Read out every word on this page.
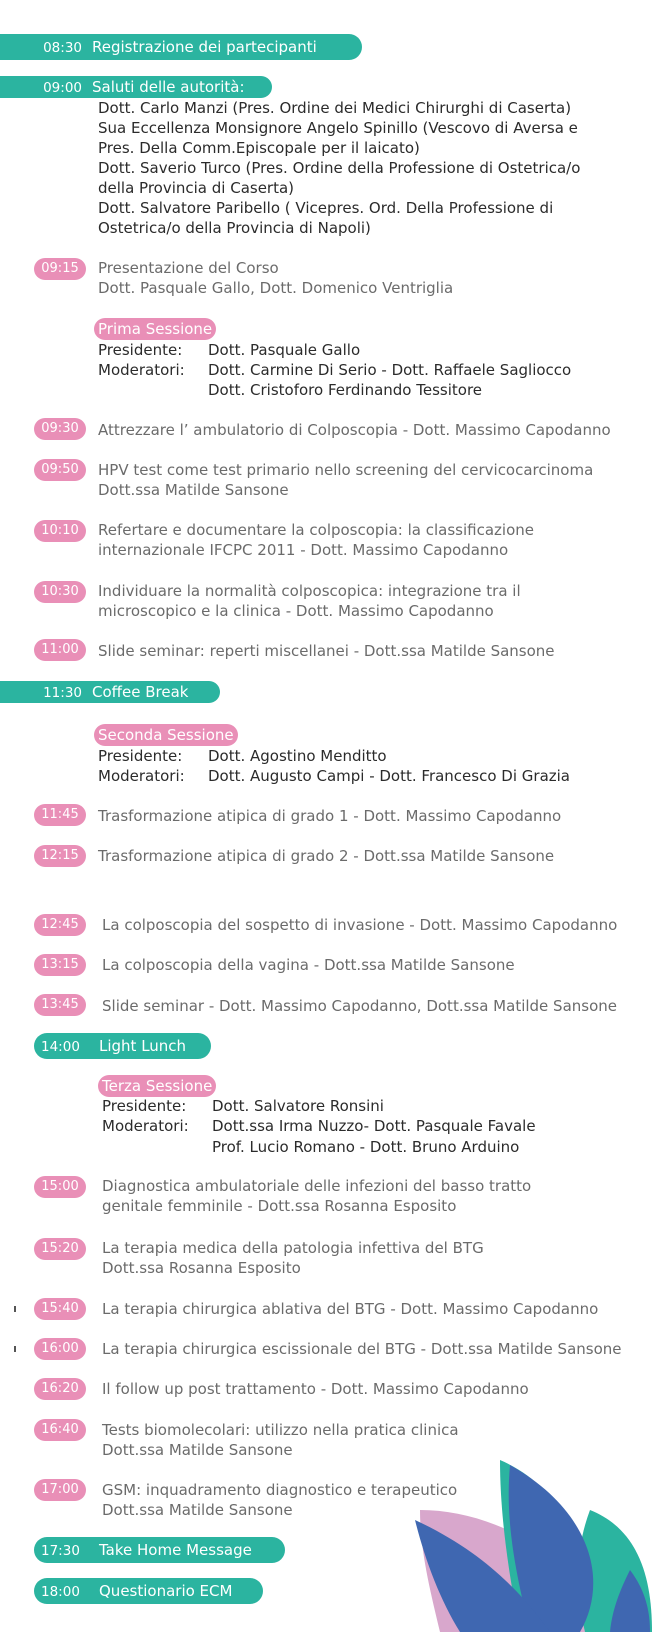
08:30 Registrazione dei partecipanti
09:00 Saluti delle autorità:
Dott. Carlo Manzi (Pres. Ordine dei Medici Chirurghi di Caserta)
Sua Eccellenza Monsignore Angelo Spinillo (Vescovo di Aversa e
Pres. Della Comm.Episcopale per il laicato)
Dott. Saverio Turco (Pres. Ordine della Professione di Ostetrica/o
della Provincia di Caserta)
Dott. Salvatore Paribello ( Vicepres. Ord. Della Professione di
Ostetrica/o della Provincia di Napoli)
09:15	Presentazione del Corso
Dott. Pasquale Gallo, Dott. Domenico Ventriglia
Prima Sessione
Presidente: Dott. Pasquale Gallo
Moderatori: Dott. Carmine Di Serio - Dott. Raffaele Sagliocco
Dott. Cristoforo Ferdinando Tessitore
09:30	Attrezzare l’ ambulatorio di Colposcopia - Dott. Massimo Capodanno
09:50	HPV test come test primario nello screening del cervicocarcinoma
Dott.ssa Matilde Sansone
10:10	Refertare e documentare la colposcopia: la classificazione
internazionale IFCPC 2011 - Dott. Massimo Capodanno
10:30	Individuare la normalità colposcopica: integrazione tra il
microscopico e la clinica - Dott. Massimo Capodanno
11:00	Slide seminar: reperti miscellanei - Dott.ssa Matilde Sansone
11:30 Coffee Break
Seconda Sessione
Presidente: Dott. Agostino Menditto
Moderatori: Dott. Augusto Campi - Dott. Francesco Di Grazia
11:45	Trasformazione atipica di grado 1 - Dott. Massimo Capodanno
12:15	Trasformazione atipica di grado 2 - Dott.ssa Matilde Sansone
12:45	La colposcopia del sospetto di invasione - Dott. Massimo Capodanno
13:15	La colposcopia della vagina - Dott.ssa Matilde Sansone
13:45	Slide seminar - Dott. Massimo Capodanno, Dott.ssa Matilde Sansone
14:00 Light Lunch
Terza Sessione
Presidente: Dott. Salvatore Ronsini
Moderatori: Dott.ssa Irma Nuzzo- Dott. Pasquale Favale
Prof. Lucio Romano - Dott. Bruno Arduino
15:00	Diagnostica ambulatoriale delle infezioni del basso tratto
genitale femminile - Dott.ssa Rosanna Esposito
15:20	La terapia medica della patologia infettiva del BTG
Dott.ssa Rosanna Esposito
15:40	La terapia chirurgica ablativa del BTG - Dott. Massimo Capodanno
16:00	La terapia chirurgica escissionale del BTG - Dott.ssa Matilde Sansone
16:20	Il follow up post trattamento - Dott. Massimo Capodanno
16:40	Tests biomolecolari: utilizzo nella pratica clinica
Dott.ssa Matilde Sansone
17:00	GSM: inquadramento diagnostico e terapeutico
Dott.ssa Matilde Sansone
17:30 Take Home Message
18:00 Questionario ECM
